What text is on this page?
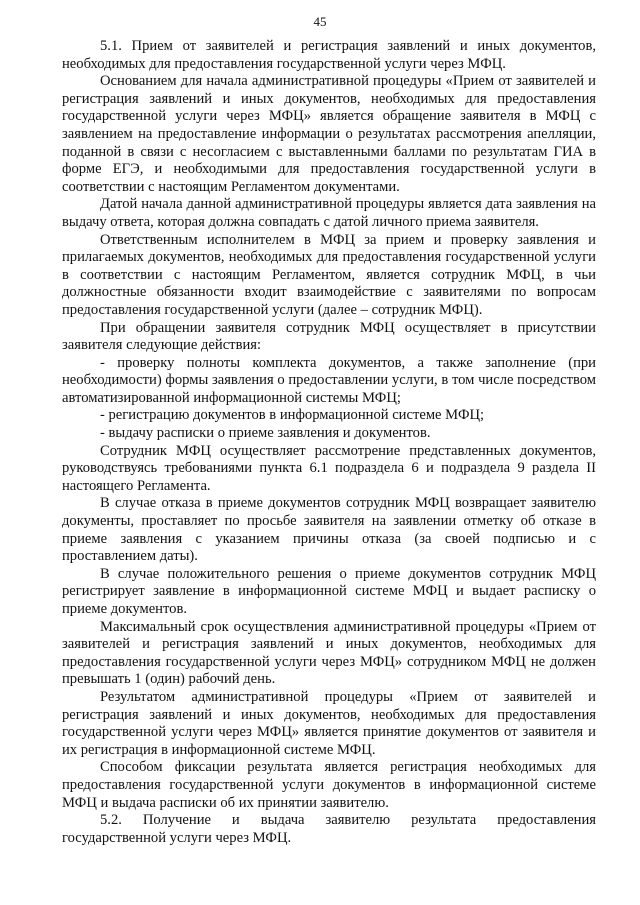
45

5.1. Прием от заявителей и регистрация заявлений и иных документов, необходимых для предоставления государственной услуги через МФЦ.

Основанием для начала административной процедуры «Прием от заявителей и регистрация заявлений и иных документов, необходимых для предоставления государственной услуги через МФЦ» является обращение заявителя в МФЦ с заявлением на предоставление информации о результатах рассмотрения апелляции, поданной в связи с несогласием с выставленными баллами по результатам ГИА в форме ЕГЭ, и необходимыми для предоставления государственной услуги в соответствии с настоящим Регламентом документами.

Датой начала данной административной процедуры является дата заявления на выдачу ответа, которая должна совпадать с датой личного приема заявителя.

Ответственным исполнителем в МФЦ за прием и проверку заявления и прилагаемых документов, необходимых для предоставления государственной услуги в соответствии с настоящим Регламентом, является сотрудник МФЦ, в чьи должностные обязанности входит взаимодействие с заявителями по вопросам предоставления государственной услуги (далее – сотрудник МФЦ).

При обращении заявителя сотрудник МФЦ осуществляет в присутствии заявителя следующие действия:

- проверку полноты комплекта документов, а также заполнение (при необходимости) формы заявления о предоставлении услуги, в том числе посредством автоматизированной информационной системы МФЦ;

- регистрацию документов в информационной системе МФЦ;

- выдачу расписки о приеме заявления и документов.

Сотрудник МФЦ осуществляет рассмотрение представленных документов, руководствуясь требованиями пункта 6.1 подраздела 6 и подраздела 9 раздела II настоящего Регламента.

В случае отказа в приеме документов сотрудник МФЦ возвращает заявителю документы, проставляет по просьбе заявителя на заявлении отметку об отказе в приеме заявления с указанием причины отказа (за своей подписью и с проставлением даты).

В случае положительного решения о приеме документов сотрудник МФЦ регистрирует заявление в информационной системе МФЦ и выдает расписку о приеме документов.

Максимальный срок осуществления административной процедуры «Прием от заявителей и регистрация заявлений и иных документов, необходимых для предоставления государственной услуги через МФЦ» сотрудником МФЦ не должен превышать 1 (один) рабочий день.

Результатом административной процедуры «Прием от заявителей и регистрация заявлений и иных документов, необходимых для предоставления государственной услуги через МФЦ» является принятие документов от заявителя и их регистрация в информационной системе МФЦ.

Способом фиксации результата является регистрация необходимых для предоставления государственной услуги документов в информационной системе МФЦ и выдача расписки об их принятии заявителю.

5.2. Получение и выдача заявителю результата предоставления государственной услуги через МФЦ.
